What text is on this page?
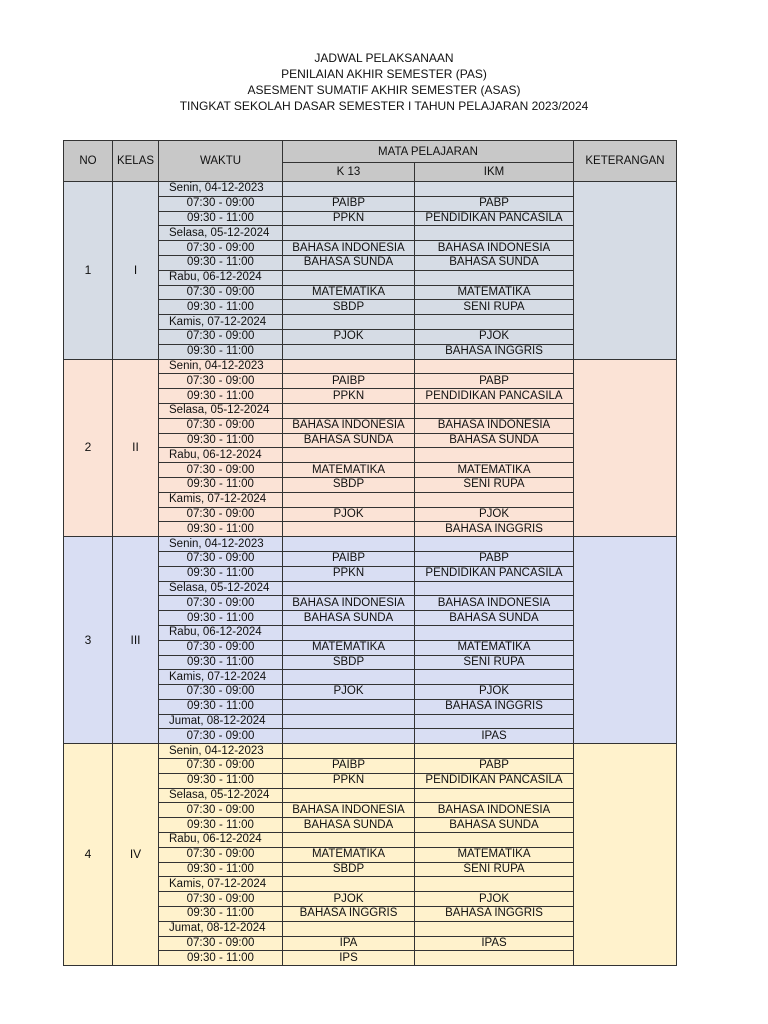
JADWAL PELAKSANAAN
PENILAIAN AKHIR SEMESTER (PAS)
ASESMENT SUMATIF AKHIR SEMESTER (ASAS)
TINGKAT SEKOLAH DASAR SEMESTER I TAHUN PELAJARAN 2023/2024
NO	KELAS	WAKTU	MATA PELAJARAN		KETERANGAN
			K 13	IKM	
1	I	Senin, 04-12-2023			
		07:30 - 09:00	PAIBP	PABP	
		09:30 - 11:00	PPKN	PENDIDIKAN PANCASILA	
		Selasa, 05-12-2024			
		07:30 - 09:00	BAHASA INDONESIA	BAHASA INDONESIA	
		09:30 - 11:00	BAHASA SUNDA	BAHASA SUNDA	
		Rabu, 06-12-2024			
		07:30 - 09:00	MATEMATIKA	MATEMATIKA	
		09:30 - 11:00	SBDP	SENI RUPA	
		Kamis, 07-12-2024			
		07:30 - 09:00	PJOK	PJOK	
		09:30 - 11:00		BAHASA INGGRIS	
2	II	Senin, 04-12-2023			
		07:30 - 09:00	PAIBP	PABP	
		09:30 - 11:00	PPKN	PENDIDIKAN PANCASILA	
		Selasa, 05-12-2024			
		07:30 - 09:00	BAHASA INDONESIA	BAHASA INDONESIA	
		09:30 - 11:00	BAHASA SUNDA	BAHASA SUNDA	
		Rabu, 06-12-2024			
		07:30 - 09:00	MATEMATIKA	MATEMATIKA	
		09:30 - 11:00	SBDP	SENI RUPA	
		Kamis, 07-12-2024			
		07:30 - 09:00	PJOK	PJOK	
		09:30 - 11:00		BAHASA INGGRIS	
3	III	Senin, 04-12-2023			
		07:30 - 09:00	PAIBP	PABP	
		09:30 - 11:00	PPKN	PENDIDIKAN PANCASILA	
		Selasa, 05-12-2024			
		07:30 - 09:00	BAHASA INDONESIA	BAHASA INDONESIA	
		09:30 - 11:00	BAHASA SUNDA	BAHASA SUNDA	
		Rabu, 06-12-2024			
		07:30 - 09:00	MATEMATIKA	MATEMATIKA	
		09:30 - 11:00	SBDP	SENI RUPA	
		Kamis, 07-12-2024			
		07:30 - 09:00	PJOK	PJOK	
		09:30 - 11:00		BAHASA INGGRIS	
		Jumat, 08-12-2024			
		07:30 - 09:00		IPAS	
4	IV	Senin, 04-12-2023			
		07:30 - 09:00	PAIBP	PABP	
		09:30 - 11:00	PPKN	PENDIDIKAN PANCASILA	
		Selasa, 05-12-2024			
		07:30 - 09:00	BAHASA INDONESIA	BAHASA INDONESIA	
		09:30 - 11:00	BAHASA SUNDA	BAHASA SUNDA	
		Rabu, 06-12-2024			
		07:30 - 09:00	MATEMATIKA	MATEMATIKA	
		09:30 - 11:00	SBDP	SENI RUPA	
		Kamis, 07-12-2024			
		07:30 - 09:00	PJOK	PJOK	
		09:30 - 11:00	BAHASA INGGRIS	BAHASA INGGRIS	
		Jumat, 08-12-2024			
		07:30 - 09:00	IPA	IPAS	
		09:30 - 11:00	IPS		
